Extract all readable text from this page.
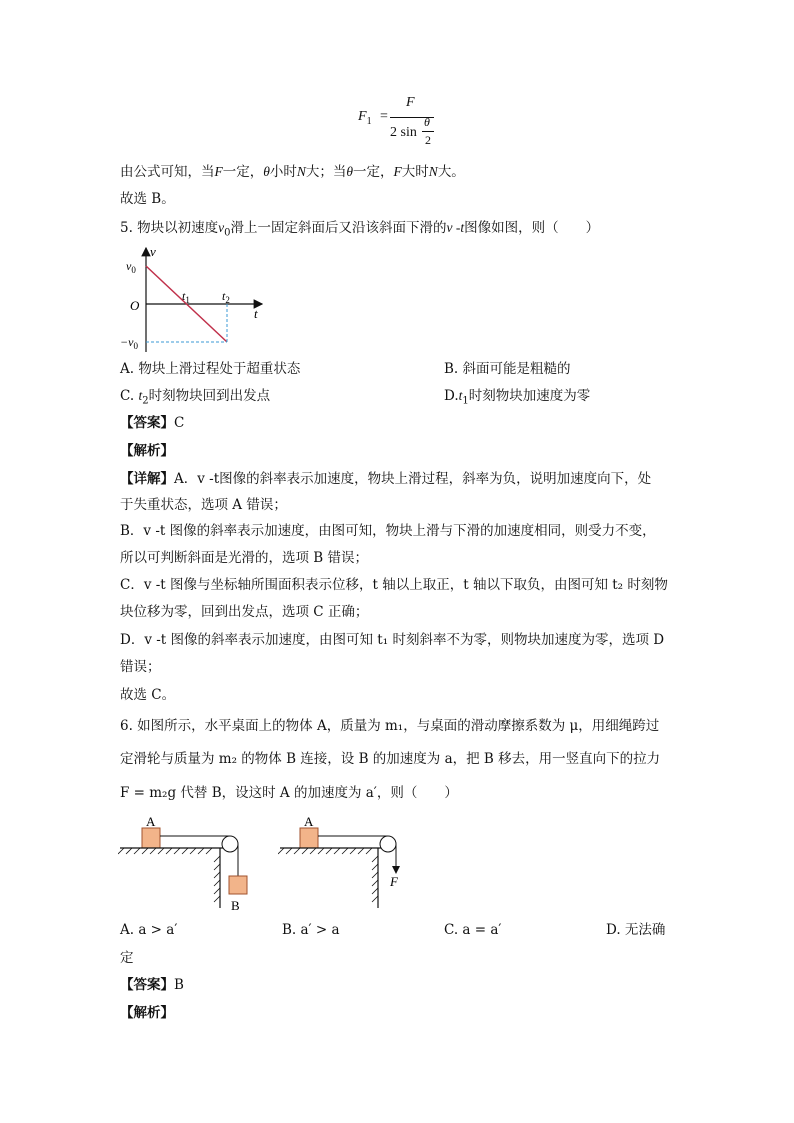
$F_1$ =
F
2 sin
θ
2
由公式可知，当F一定，θ小时N大；当θ一定，F大时N大。
故选 B。
5. 物块以初速度$v_0$滑上一固定斜面后又沿该斜面下滑的v -t图像如图，则（　　）
v
t
O
$v_0$
$-v_0$
$t_1$	$t_2$
A. 物块上滑过程处于超重状态	B. 斜面可能是粗糙的
C. $t_2$时刻物块回到出发点	$D.t_1$时刻物块加速度为零
【答案】C
【解析】
【详解】A．v -t图像的斜率表示加速度，物块上滑过程，斜率为负，说明加速度向下，处
于失重状态，选项 A 错误；
B．v -t 图像的斜率表示加速度，由图可知，物块上滑与下滑的加速度相同，则受力不变，
所以可判断斜面是光滑的，选项 B 错误；
C．v -t 图像与坐标轴所围面积表示位移，t 轴以上取正，t 轴以下取负，由图可知 t₂ 时刻物
块位移为零，回到出发点，选项 C 正确；
D．v -t 图像的斜率表示加速度，由图可知 t₁ 时刻斜率不为零，则物块加速度为零，选项 D
错误；
故选 C。
6. 如图所示，水平桌面上的物体 A，质量为 m₁，与桌面的滑动摩擦系数为 μ，用细绳跨过
定滑轮与质量为 m₂ 的物体 B 连接，设 B 的加速度为 a，把 B 移去，用一竖直向下的拉力
F = m₂g 代替 B，设这时 A 的加速度为 a′，则（　　）
A
B
A
F
A. a > a′	B. a′ > a	C. a = a′	D. 无法确
定
【答案】B
【解析】
